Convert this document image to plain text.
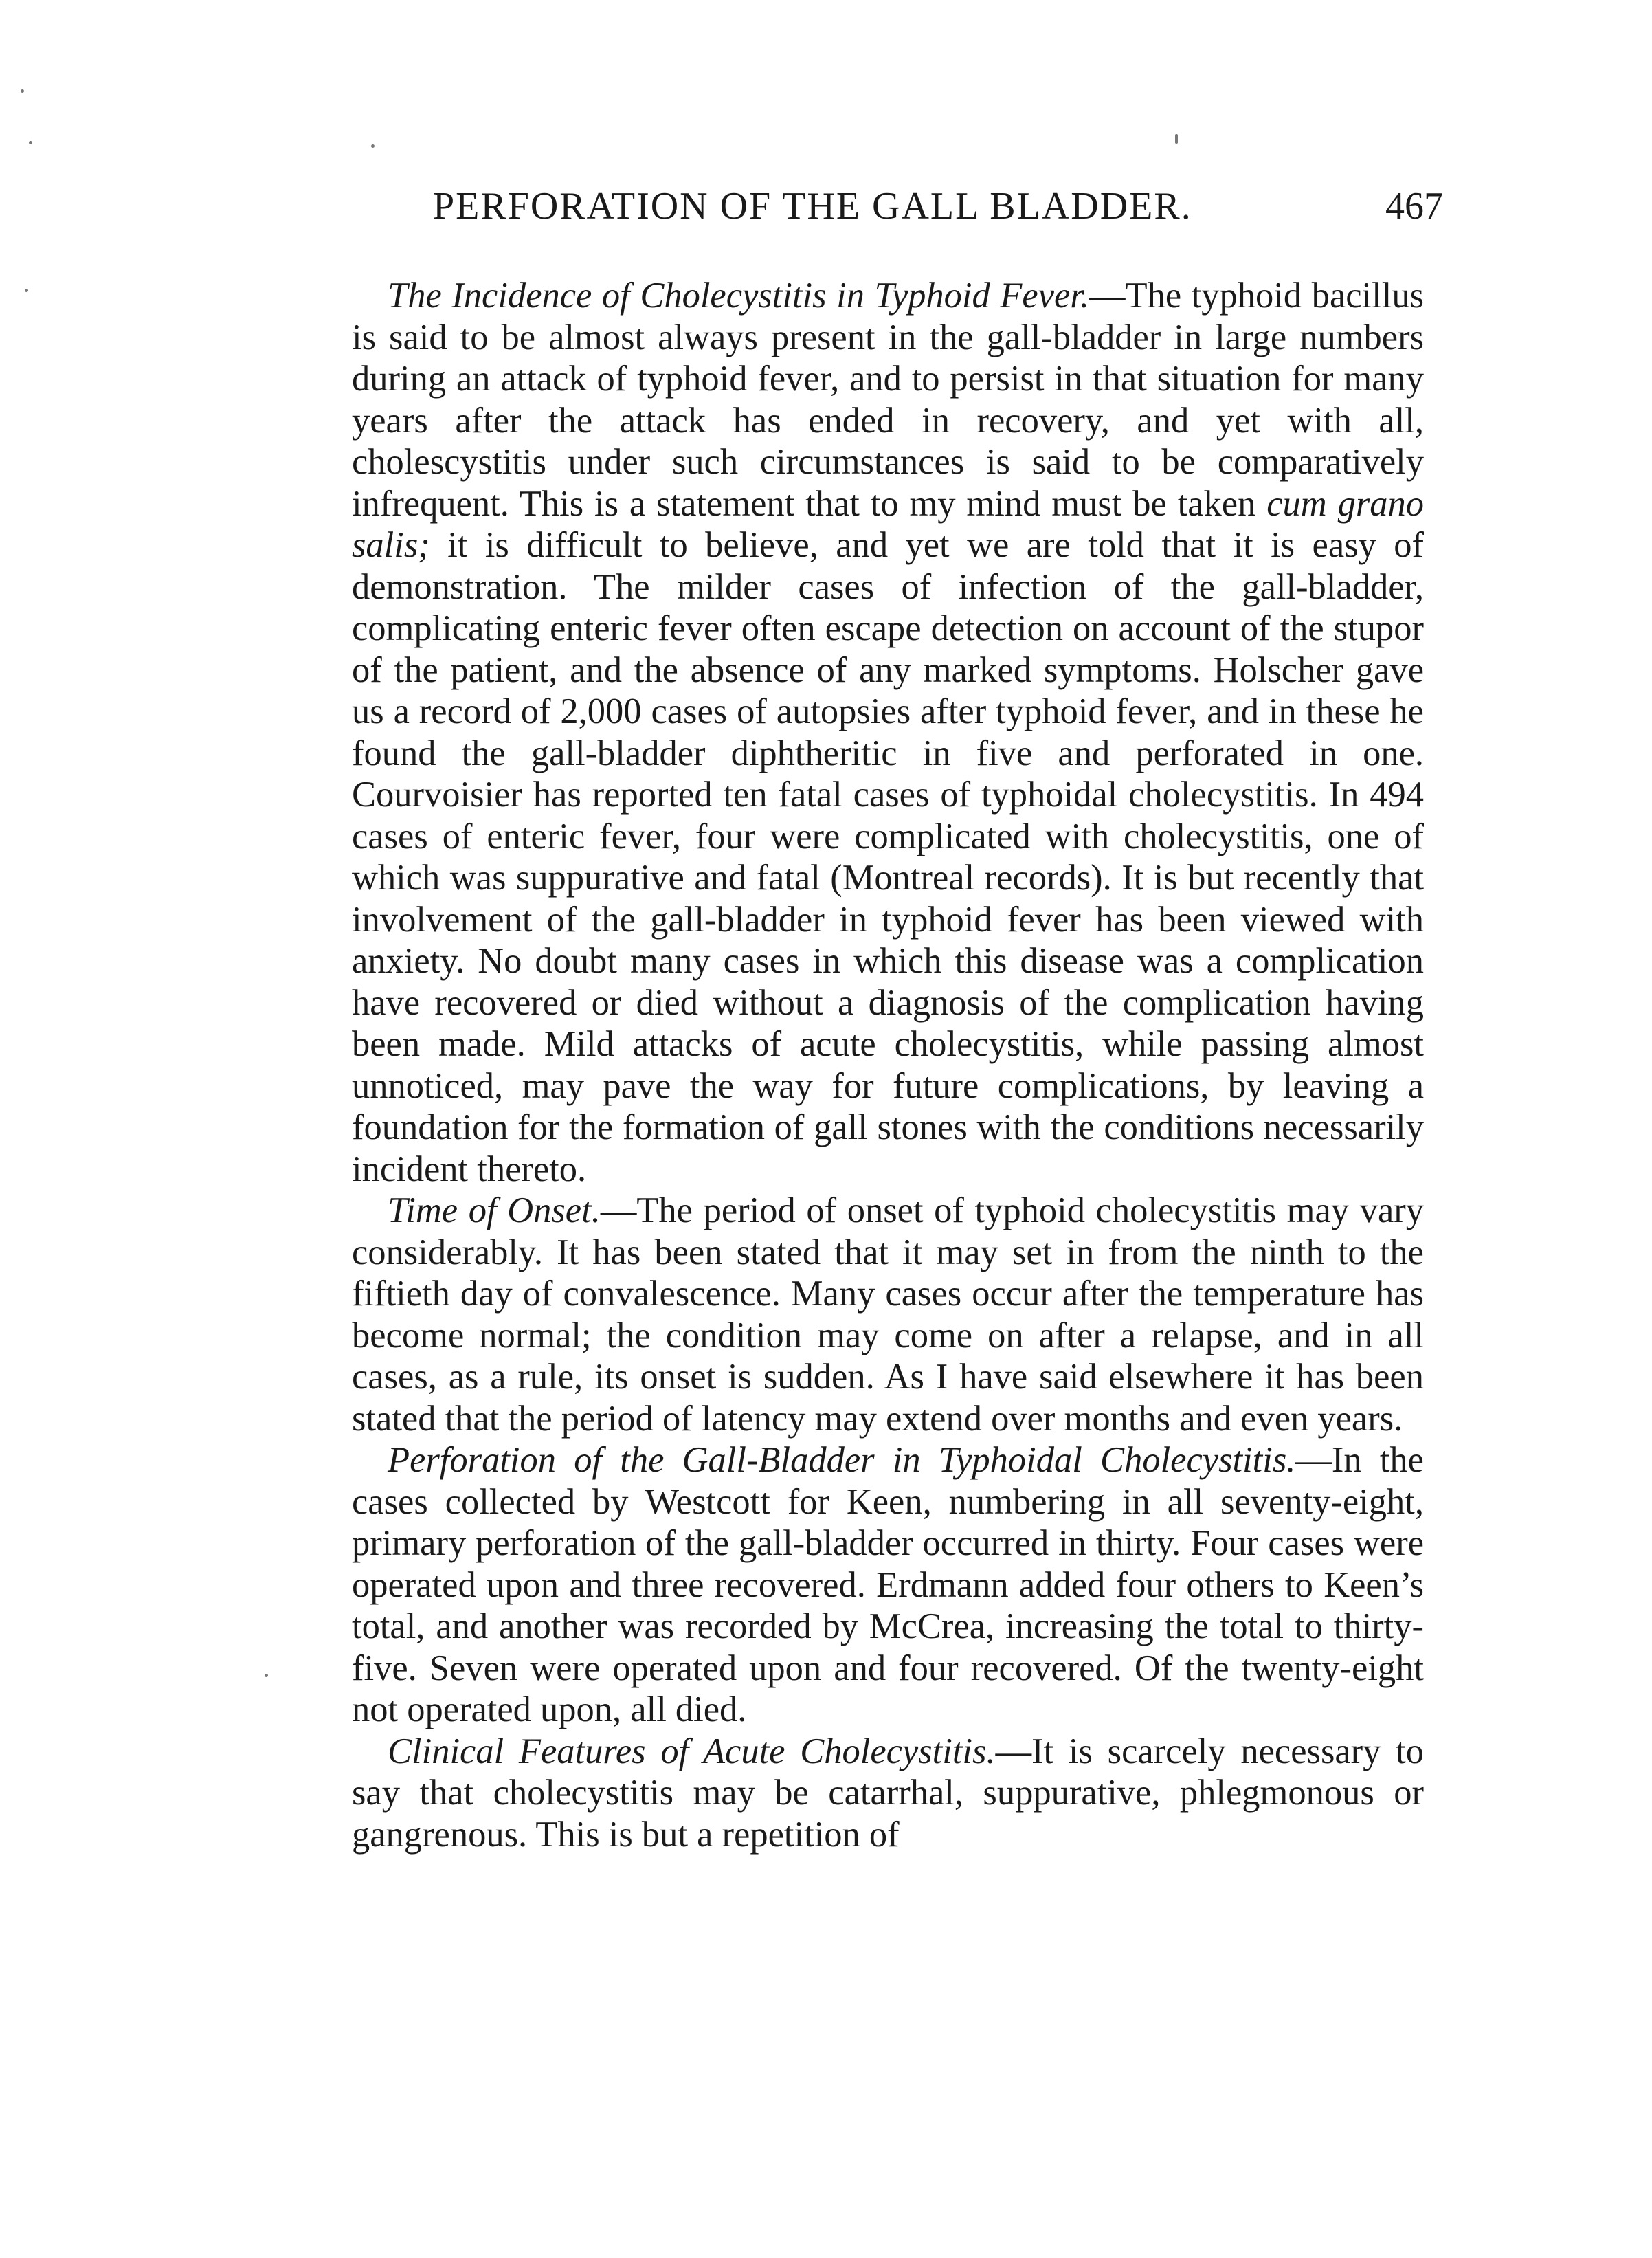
PERFORATION OF THE GALL BLADDER.	467

The Incidence of Cholecystitis in Typhoid Fever.—The typhoid bacillus is said to be almost always present in the gall-bladder in large numbers during an attack of typhoid fever, and to persist in that situation for many years after the attack has ended in recovery, and yet with all, cholescystitis under such circumstances is said to be comparatively infrequent. This is a statement that to my mind must be taken cum grano salis; it is difficult to believe, and yet we are told that it is easy of demonstration. The milder cases of infection of the gall-bladder, complicating enteric fever often escape detection on account of the stupor of the patient, and the absence of any marked symptoms. Holscher gave us a record of 2,000 cases of autopsies after typhoid fever, and in these he found the gall-bladder diphtheritic in five and perforated in one. Courvoisier has reported ten fatal cases of typhoidal cholecystitis. In 494 cases of enteric fever, four were complicated with cholecystitis, one of which was suppurative and fatal (Montreal records). It is but recently that involvement of the gall-bladder in typhoid fever has been viewed with anxiety. No doubt many cases in which this disease was a complication have recovered or died without a diagnosis of the complication having been made. Mild attacks of acute cholecystitis, while passing almost unnoticed, may pave the way for future complications, by leaving a foundation for the formation of gall stones with the conditions necessarily incident thereto.

Time of Onset.—The period of onset of typhoid cholecystitis may vary considerably. It has been stated that it may set in from the ninth to the fiftieth day of convalescence. Many cases occur after the temperature has become normal; the condition may come on after a relapse, and in all cases, as a rule, its onset is sudden. As I have said elsewhere it has been stated that the period of latency may extend over months and even years.

Perforation of the Gall-Bladder in Typhoidal Cholecystitis.—In the cases collected by Westcott for Keen, numbering in all seventy-eight, primary perforation of the gall-bladder occurred in thirty. Four cases were operated upon and three recovered. Erdmann added four others to Keen’s total, and another was recorded by McCrea, increasing the total to thirty-five. Seven were operated upon and four recovered. Of the twenty-eight not operated upon, all died.

Clinical Features of Acute Cholecystitis.—It is scarcely necessary to say that cholecystitis may be catarrhal, suppurative, phlegmonous or gangrenous. This is but a repetition of
